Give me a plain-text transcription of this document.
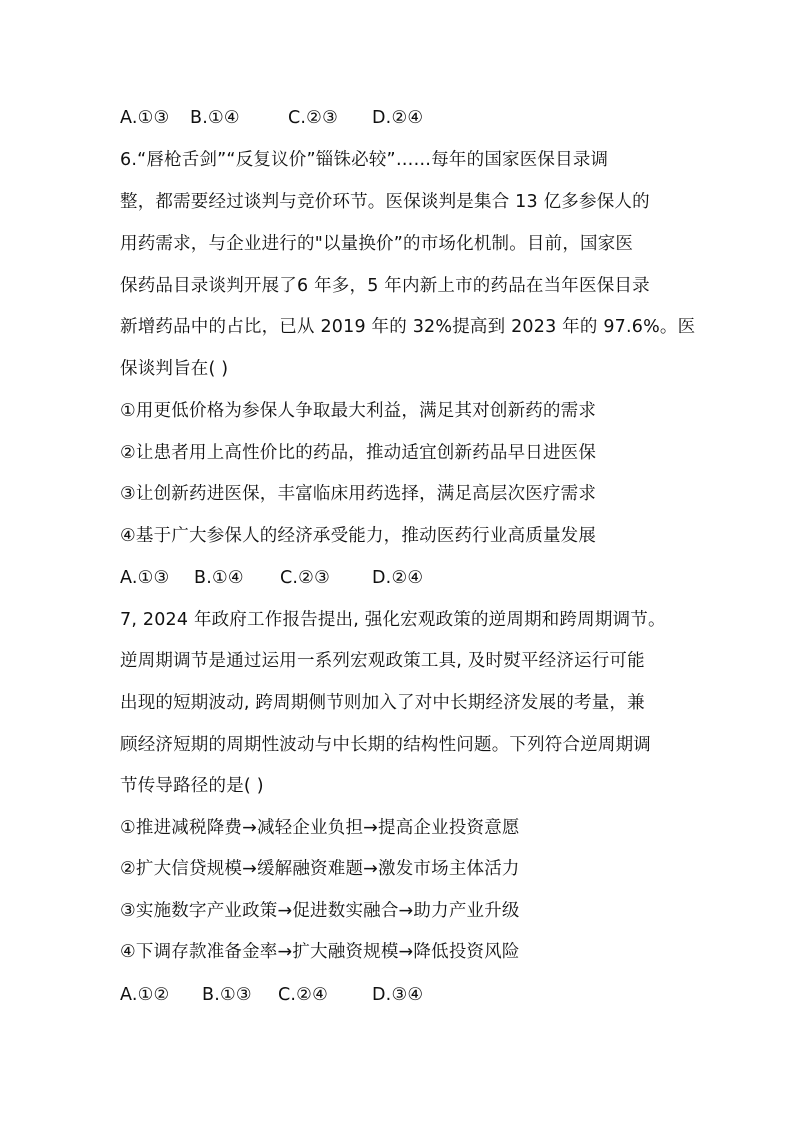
A.①③ B.①④	C.②③ D.②④
6.“唇枪舌剑”“反复议价”锱铢必较”……每年的国家医保目录调
整，都需要经过谈判与竞价环节。医保谈判是集合 13 亿多参保人的
用药需求，与企业进行的"以量换价”的市场化机制。目前，国家医
保药品目录谈判开展了6 年多，5 年内新上市的药品在当年医保目录
新增药品中的占比，已从 2019 年的 32%提高到 2023 年的 97.6%。医
保谈判旨在( )
①用更低价格为参保人争取最大利益，满足其对创新药的需求
②让患者用上高性价比的药品，推动适宜创新药品早日进医保
③让创新药进医保，丰富临床用药选择，满足高层次医疗需求
④基于广大参保人的经济承受能力，推动医药行业高质量发展
A.①③ B.①④ C.②③ D.②④
7, 2024 年政府工作报告提出, 强化宏观政策的逆周期和跨周期调节。
逆周期调节是通过运用一系列宏观政策工具, 及时熨平经济运行可能
出现的短期波动, 跨周期侧节则加入了对中长期经济发展的考量，兼
顾经济短期的周期性波动与中长期的结构性问题。下列符合逆周期调
节传导路径的是( )
①推进减税降费→减轻企业负担→提高企业投资意愿
②扩大信贷规模→缓解融资难题→激发市场主体活力
③实施数字产业政策→促进数实融合→助力产业升级
④下调存款准备金率→扩大融资规模→降低投资风险
A.①② B.①③ C.②④	D.③④
